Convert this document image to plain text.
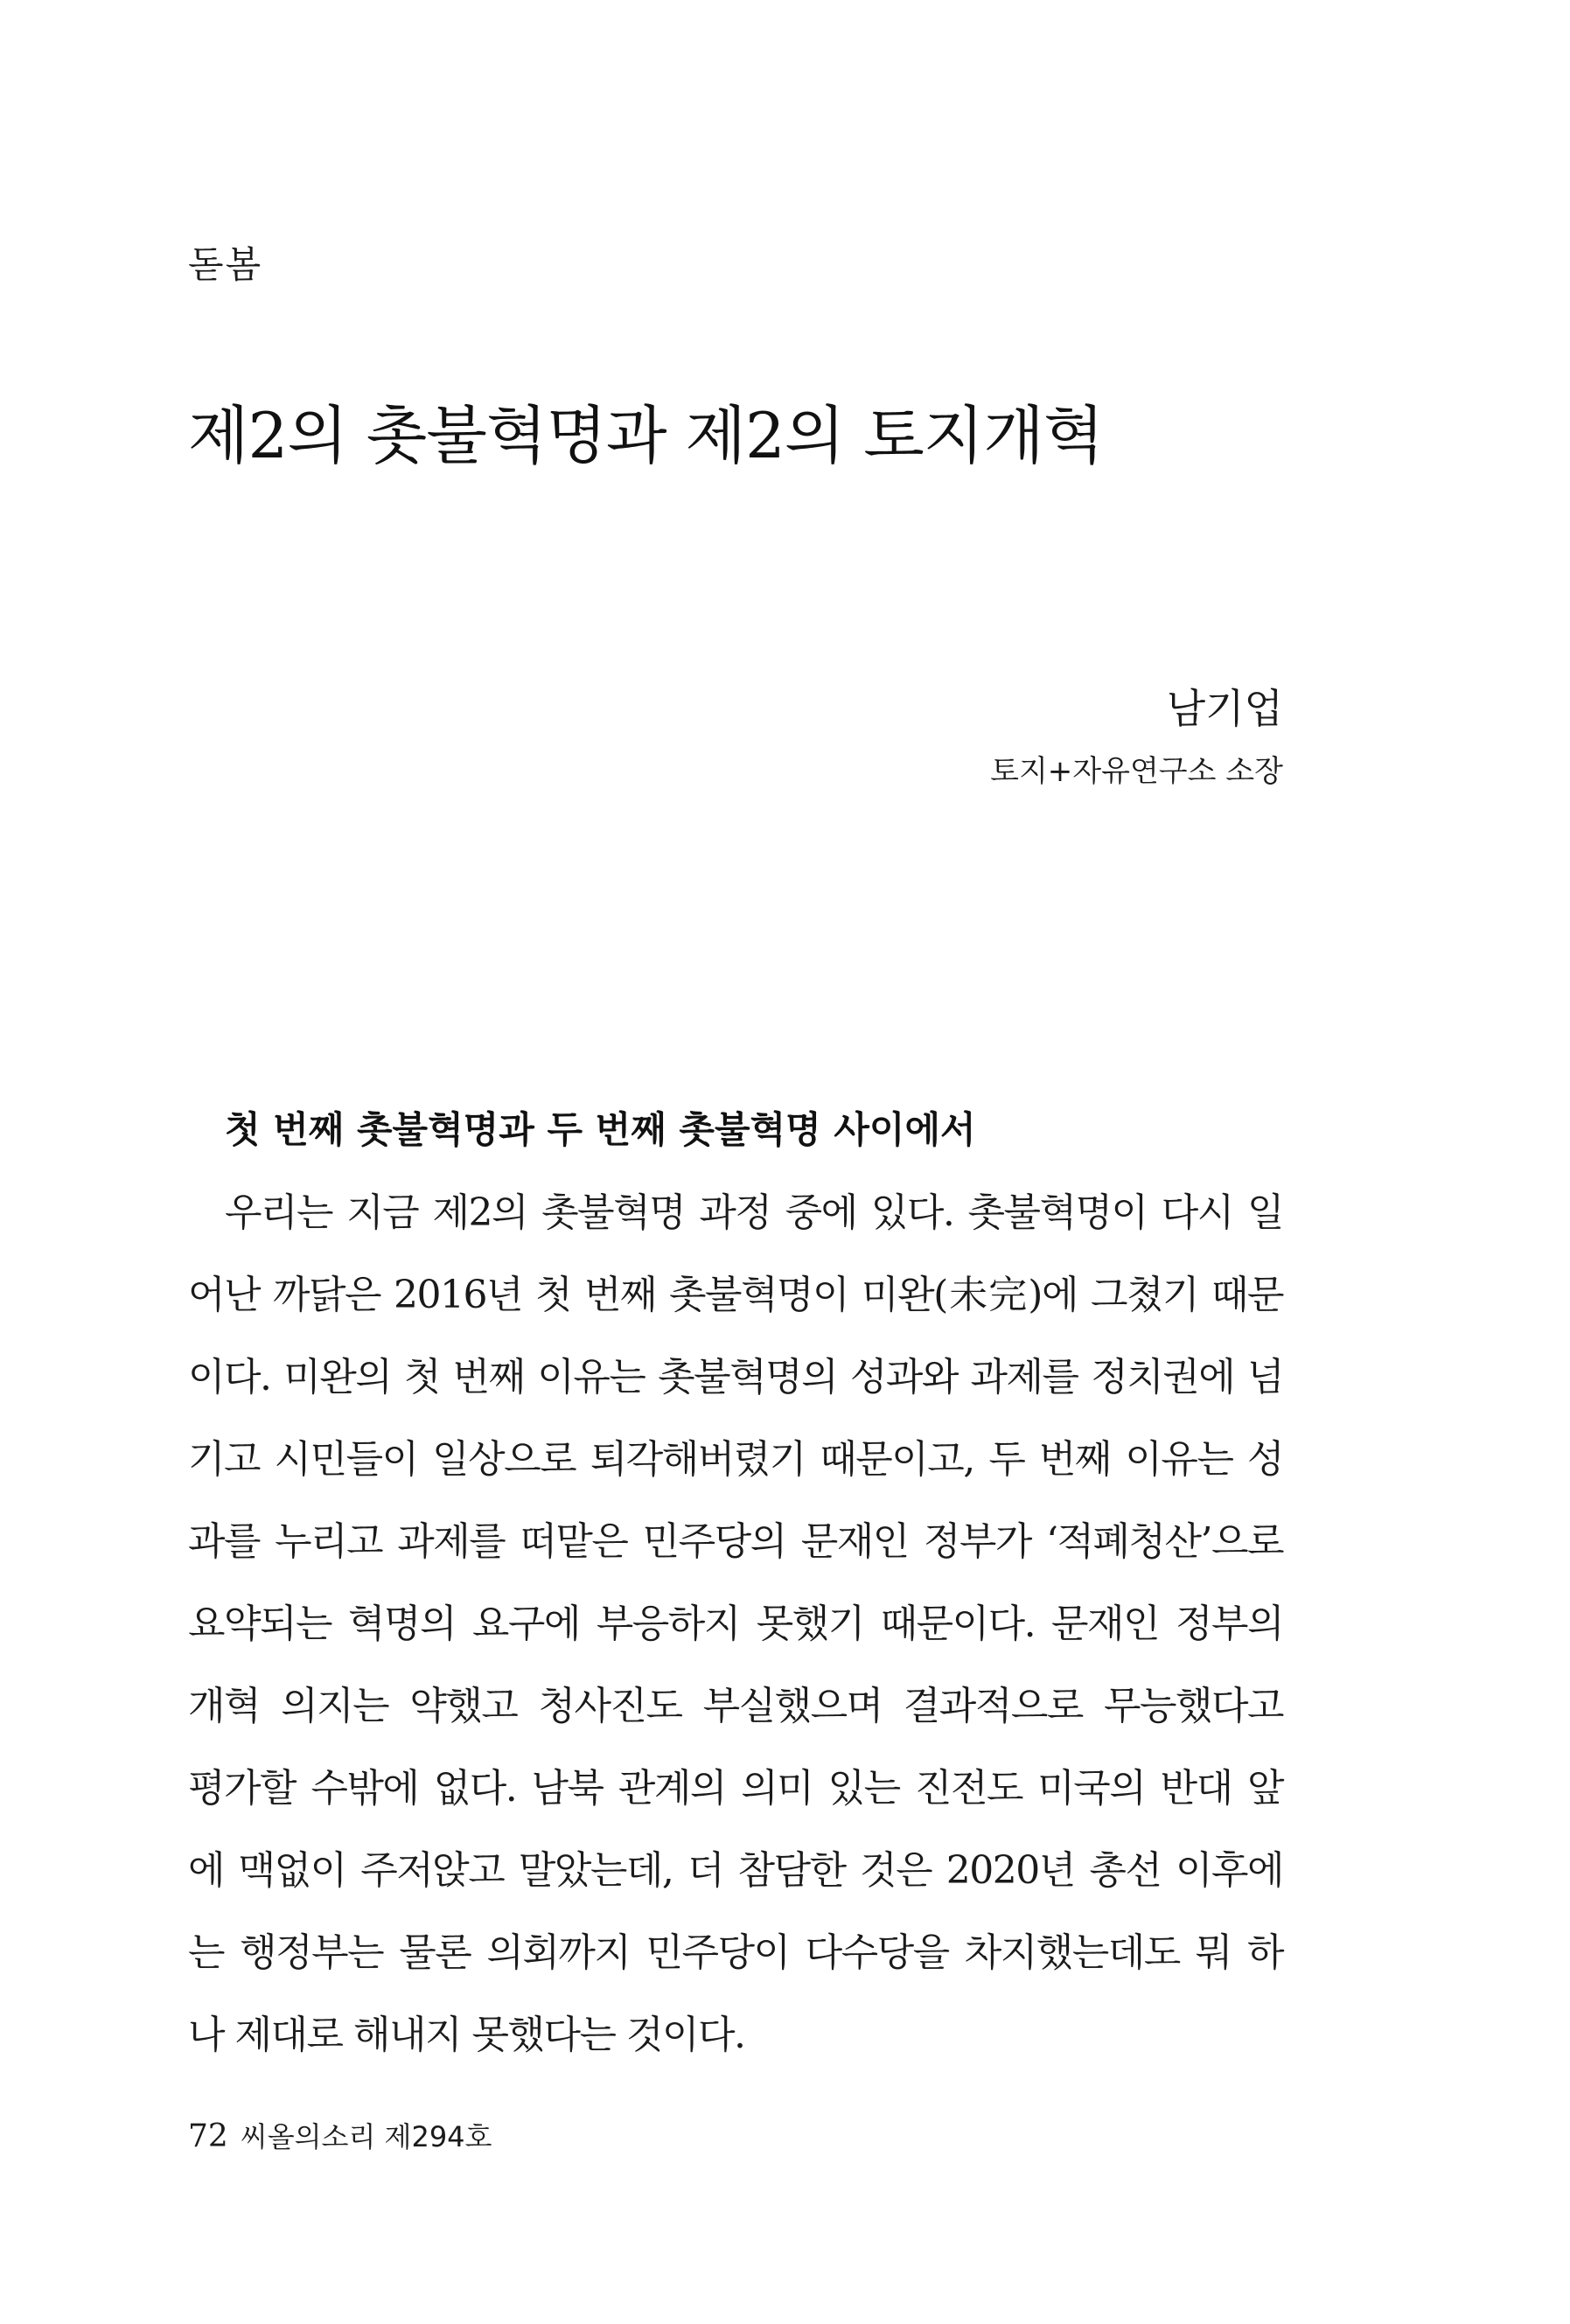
돋봄
제2의 촛불혁명과 제2의 토지개혁
남기업
토지+자유연구소 소장
첫 번째 촛불혁명과 두 번째 촛불혁명 사이에서
우리는 지금 제2의 촛불혁명 과정 중에 있다. 촛불혁명이 다시 일
어난 까닭은 2016년 첫 번째 촛불혁명이 미완(未完)에 그쳤기 때문
이다. 미완의 첫 번째 이유는 촛불혁명의 성과와 과제를 정치권에 넘
기고 시민들이 일상으로 퇴각해버렸기 때문이고, 두 번째 이유는 성
과를 누리고 과제를 떠맡은 민주당의 문재인 정부가 ‘적폐청산’으로
요약되는 혁명의 요구에 부응하지 못했기 때문이다. 문재인 정부의
개혁 의지는 약했고 청사진도 부실했으며 결과적으로 무능했다고
평가할 수밖에 없다. 남북 관계의 의미 있는 진전도 미국의 반대 앞
에 맥없이 주저앉고 말았는데, 더 참담한 것은 2020년 총선 이후에
는 행정부는 물론 의회까지 민주당이 다수당을 차지했는데도 뭐 하
나 제대로 해내지 못했다는 것이다.
72 씨올의소리 제294호
